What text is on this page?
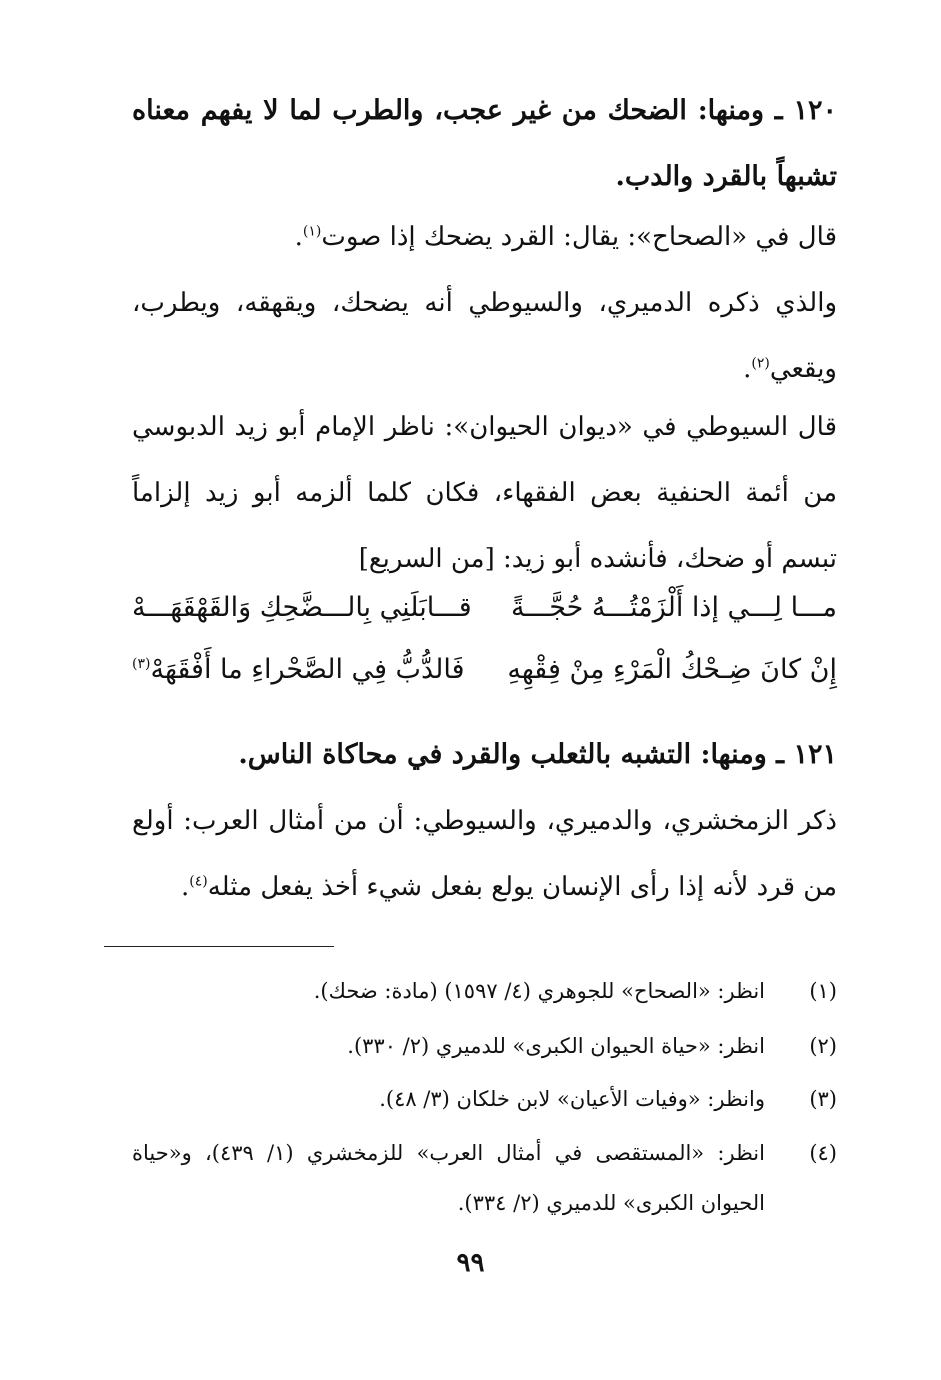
١٢٠ ـ ومنها: الضحك من غير عجب، والطرب لما لا يفهم معناه تشبهاً بالقرد والدب.
قال في «الصحاح»: يقال: القرد يضحك إذا صوت$^{(١)}$.
والذي ذكره الدميري، والسيوطي أنه يضحك، ويقهقه، ويطرب، ويقعي$^{(٢)}$.
قال السيوطي في «ديوان الحيوان»: ناظر الإمام أبو زيد الدبوسي من أئمة الحنفية بعض الفقهاء، فكان كلما ألزمه أبو زيد إلزاماً تبسم أو ضحك، فأنشده أبو زيد: [من السريع]
مـــا لِـــي إذا أَلْزَمْتُـــهُ حُجَّـــةً
قـــابَلَنِي بِالـــضَّحِكِ وَالقَهْقَهَـــهْ
إِنْ كانَ ضِـحْكُ الْمَرْءِ مِنْ فِقْهِهِ
فَالدُّبُّ فِي الصَّحْراءِ ما أَفْقَهَهْ$^{(٣)}$
١٢١ ـ ومنها: التشبه بالثعلب والقرد في محاكاة الناس.
ذكر الزمخشري، والدميري، والسيوطي: أن من أمثال العرب: أولع من قرد لأنه إذا رأى الإنسان يولع بفعل شيء أخذ يفعل مثله$^{(٤)}$.
(١)
انظر: «الصحاح» للجوهري (٤/ ١٥٩٧) (مادة: ضحك).
(٢)
انظر: «حياة الحيوان الكبرى» للدميري (٢/ ٣٣٠).
(٣)
وانظر: «وفيات الأعيان» لابن خلكان (٣/ ٤٨).
(٤)
انظر: «المستقصى في أمثال العرب» للزمخشري (١/ ٤٣٩)، و«حياة الحيوان الكبرى» للدميري (٢/ ٣٣٤).
٩٩
